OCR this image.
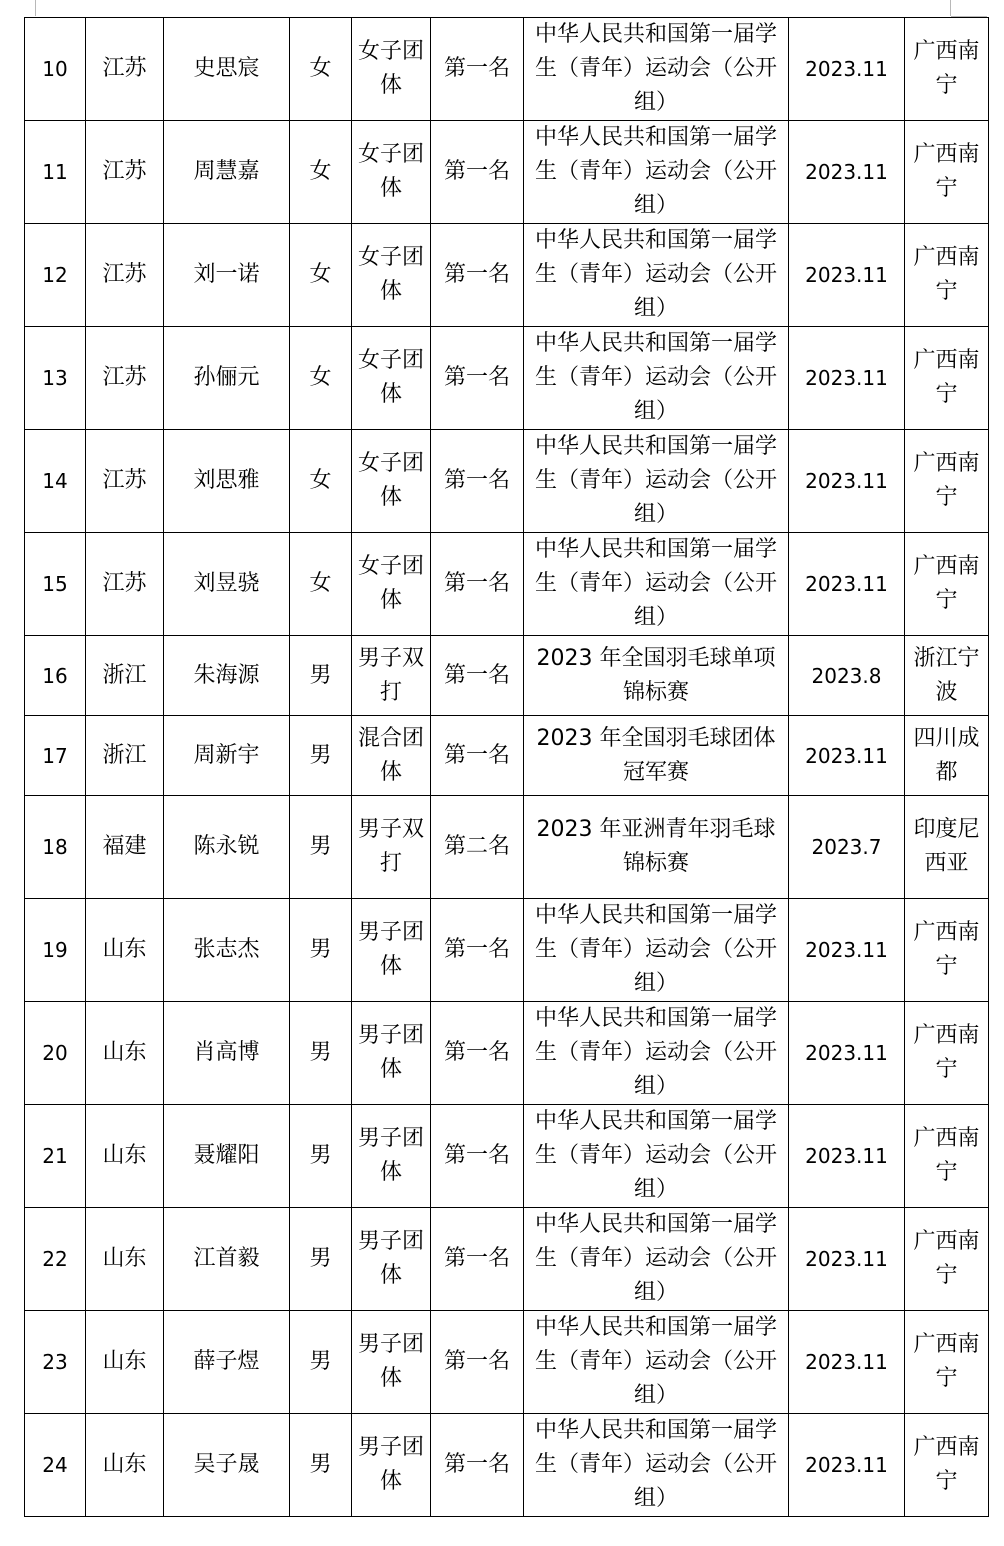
10	江苏	史思宸	女	女子团体	第一名	中华人民共和国第一届学生（青年）运动会（公开组）	2023.11	广西南宁
11	江苏	周慧嘉	女	女子团体	第一名	中华人民共和国第一届学生（青年）运动会（公开组）	2023.11	广西南宁
12	江苏	刘一诺	女	女子团体	第一名	中华人民共和国第一届学生（青年）运动会（公开组）	2023.11	广西南宁
13	江苏	孙俪元	女	女子团体	第一名	中华人民共和国第一届学生（青年）运动会（公开组）	2023.11	广西南宁
14	江苏	刘思雅	女	女子团体	第一名	中华人民共和国第一届学生（青年）运动会（公开组）	2023.11	广西南宁
15	江苏	刘昱骁	女	女子团体	第一名	中华人民共和国第一届学生（青年）运动会（公开组）	2023.11	广西南宁
16	浙江	朱海源	男	男子双打	第一名	2023 年全国羽毛球单项锦标赛	2023.8	浙江宁波
17	浙江	周新宇	男	混合团体	第一名	2023 年全国羽毛球团体冠军赛	2023.11	四川成都
18	福建	陈永锐	男	男子双打	第二名	2023 年亚洲青年羽毛球锦标赛	2023.7	印度尼西亚
19	山东	张志杰	男	男子团体	第一名	中华人民共和国第一届学生（青年）运动会（公开组）	2023.11	广西南宁
20	山东	肖高博	男	男子团体	第一名	中华人民共和国第一届学生（青年）运动会（公开组）	2023.11	广西南宁
21	山东	聂耀阳	男	男子团体	第一名	中华人民共和国第一届学生（青年）运动会（公开组）	2023.11	广西南宁
22	山东	江首毅	男	男子团体	第一名	中华人民共和国第一届学生（青年）运动会（公开组）	2023.11	广西南宁
23	山东	薛子煜	男	男子团体	第一名	中华人民共和国第一届学生（青年）运动会（公开组）	2023.11	广西南宁
24	山东	吴子晟	男	男子团体	第一名	中华人民共和国第一届学生（青年）运动会（公开组）	2023.11	广西南宁
